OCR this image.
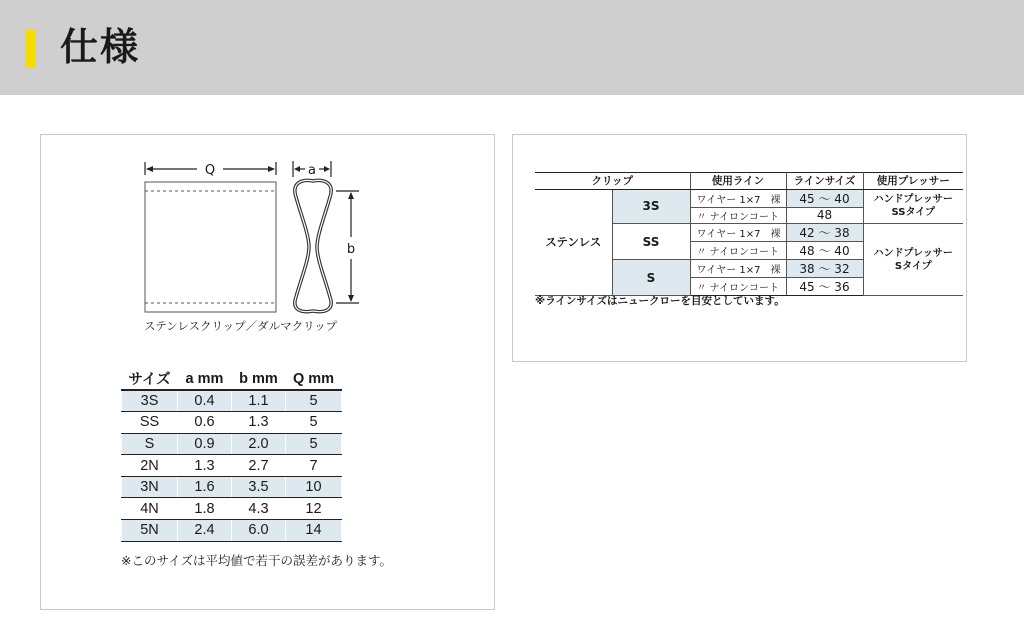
仕様
Q	a
b
ステンレスクリップ／ダルマクリップ
サイズ	a mm	b mm	Q mm
3S	0.4	1.1	5
SS	0.6	1.3	5
S	0.9	2.0	5
2N	1.3	2.7	7
3N	1.6	3.5	10
4N	1.8	4.3	12
5N	2.4	6.0	14
※このサイズは平均値で若干の誤差があります。
クリップ		使用ライン	ラインサイズ	使用プレッサー
ステンレス	3S	ワイヤー 1×7　裸	45 ～ 40	ハンドプレッサー
SSタイプ

		〃 ナイロンコート	48	
	SS	ワイヤー 1×7　裸	42 ～ 38	ハンドプレッサー
Sタイプ

		〃 ナイロンコート	48 ～ 40	
	S	ワイヤー 1×7　裸	38 ～ 32	
		〃 ナイロンコート	45 ～ 36	
※ラインサイズはニュークローを目安としています。
